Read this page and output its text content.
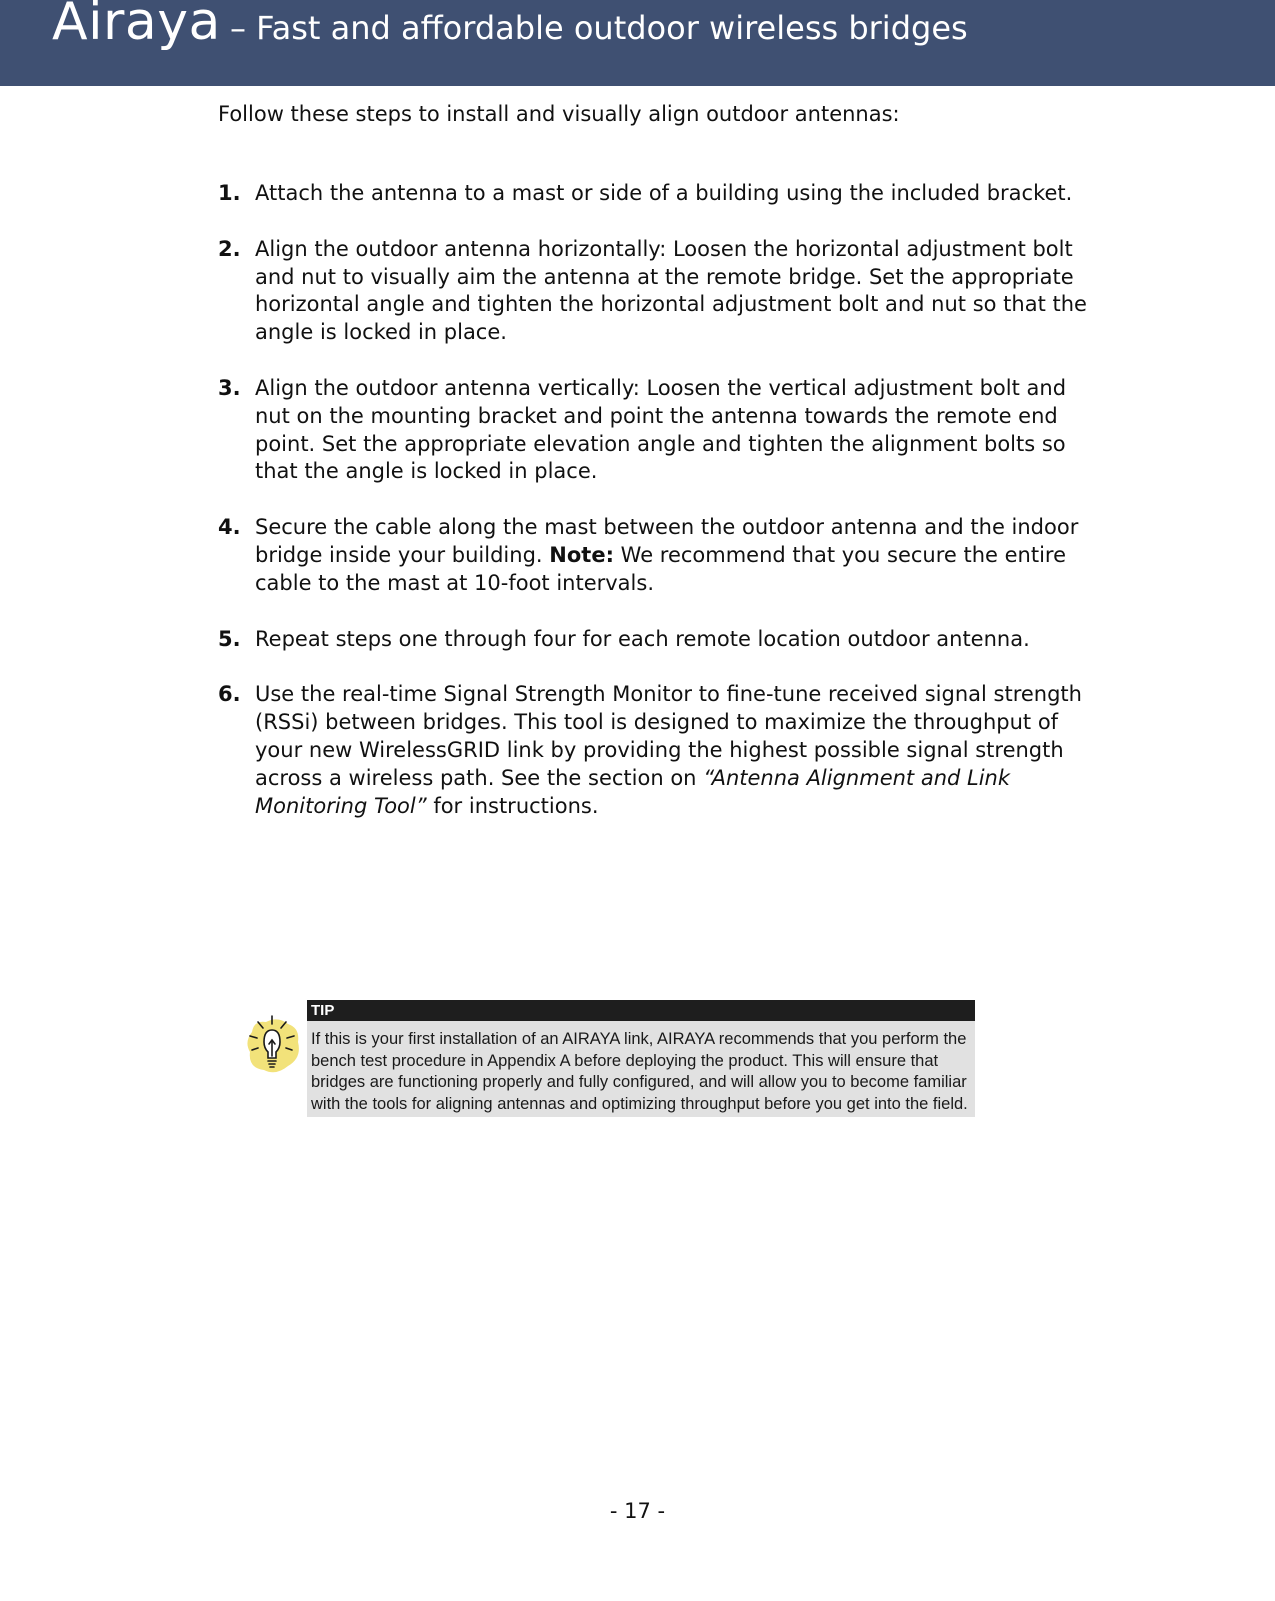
Airaya – Fast and affordable outdoor wireless bridges

Follow these steps to install and visually align outdoor antennas:

1. Attach the antenna to a mast or side of a building using the included bracket.
2. Align the outdoor antenna horizontally: Loosen the horizontal adjustment bolt and nut to visually aim the antenna at the remote bridge. Set the appropriate horizontal angle and tighten the horizontal adjustment bolt and nut so that the angle is locked in place.
3. Align the outdoor antenna vertically: Loosen the vertical adjustment bolt and nut on the mounting bracket and point the antenna towards the remote end point. Set the appropriate elevation angle and tighten the alignment bolts so that the angle is locked in place.
4. Secure the cable along the mast between the outdoor antenna and the indoor bridge inside your building. Note: We recommend that you secure the entire cable to the mast at 10-foot intervals.
5. Repeat steps one through four for each remote location outdoor antenna.
6. Use the real-time Signal Strength Monitor to fine-tune received signal strength (RSSi) between bridges. This tool is designed to maximize the throughput of your new WirelessGRID link by providing the highest possible signal strength across a wireless path. See the section on “Antenna Alignment and Link Monitoring Tool” for instructions.
TIP
If this is your first installation of an AIRAYA link, AIRAYA recommends that you perform the bench test procedure in Appendix A before deploying the product. This will ensure that bridges are functioning properly and fully configured, and will allow you to become familiar with the tools for aligning antennas and optimizing throughput before you get into the field.
- 17 -
